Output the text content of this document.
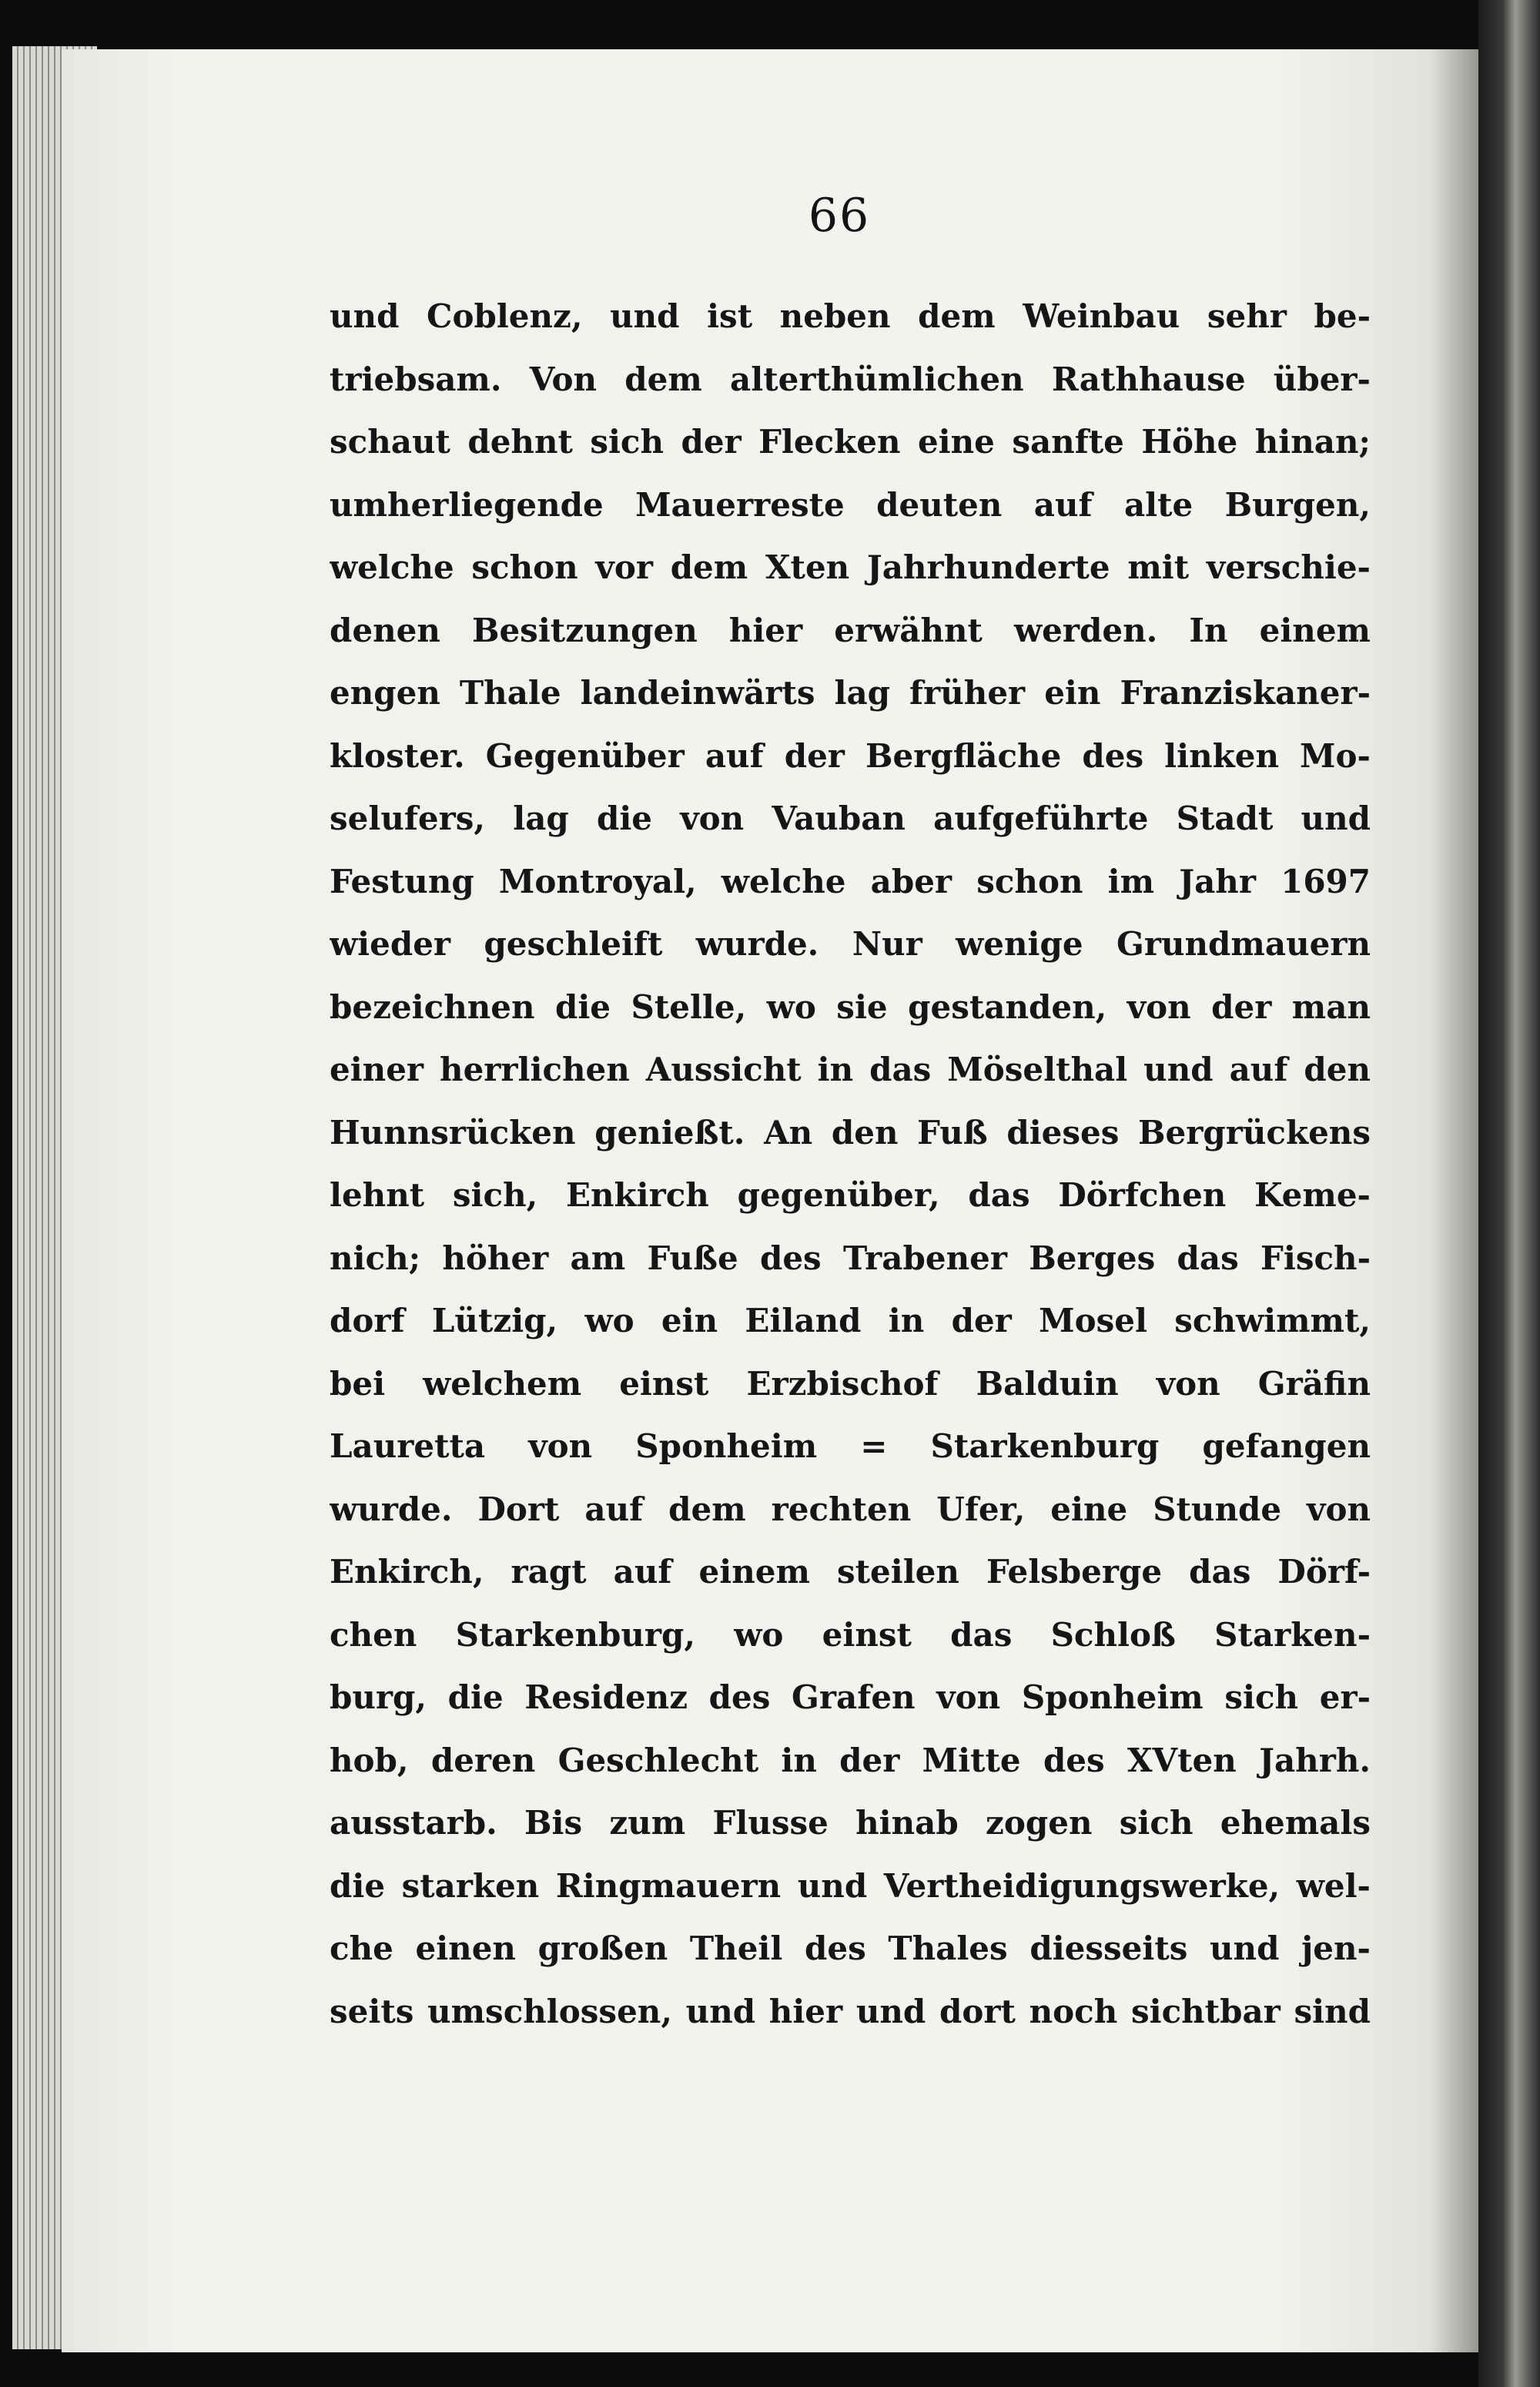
66
und Coblenz, und ist neben dem Weinbau sehr be-
triebsam. Von dem alterthümlichen Rathhause über-
schaut dehnt sich der Flecken eine sanfte Höhe hinan;
umherliegende Mauerreste deuten auf alte Burgen,
welche schon vor dem Xten Jahrhunderte mit verschie-
denen Besitzungen hier erwähnt werden. In einem
engen Thale landeinwärts lag früher ein Franziskaner-
kloster. Gegenüber auf der Bergfläche des linken Mo-
selufers, lag die von Vauban aufgeführte Stadt und
Festung Montroyal, welche aber schon im Jahr 1697
wieder geschleift wurde. Nur wenige Grundmauern
bezeichnen die Stelle, wo sie gestanden, von der man
einer herrlichen Aussicht in das Möselthal und auf den
Hunnsrücken genießt. An den Fuß dieses Bergrückens
lehnt sich, Enkirch gegenüber, das Dörfchen Keme-
nich; höher am Fuße des Trabener Berges das Fisch-
dorf Lützig, wo ein Eiland in der Mosel schwimmt,
bei welchem einst Erzbischof Balduin von Gräfin
Lauretta von Sponheim = Starkenburg gefangen
wurde. Dort auf dem rechten Ufer, eine Stunde von
Enkirch, ragt auf einem steilen Felsberge das Dörf-
chen Starkenburg, wo einst das Schloß Starken-
burg, die Residenz des Grafen von Sponheim sich er-
hob, deren Geschlecht in der Mitte des XVten Jahrh.
ausstarb. Bis zum Flusse hinab zogen sich ehemals
die starken Ringmauern und Vertheidigungswerke, wel-
che einen großen Theil des Thales diesseits und jen-
seits umschlossen, und hier und dort noch sichtbar sind
